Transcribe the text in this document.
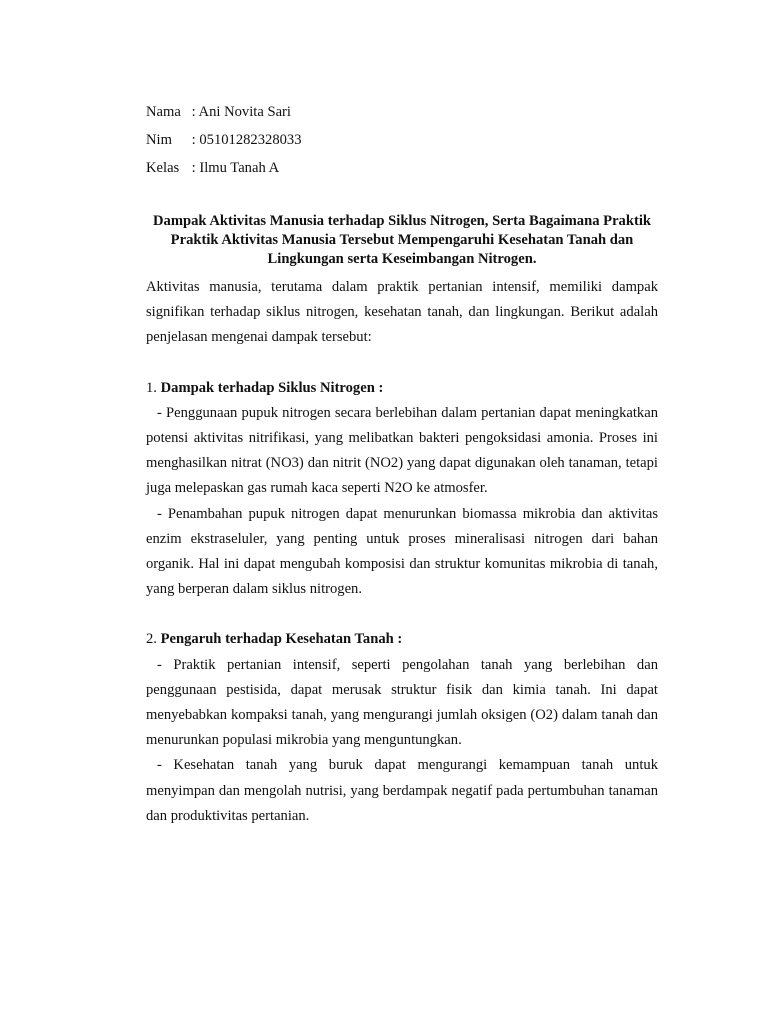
Nama : Ani Novita Sari
Nim : 05101282328033
Kelas : Ilmu Tanah A
Dampak Aktivitas Manusia terhadap Siklus Nitrogen, Serta Bagaimana Praktik Praktik Aktivitas Manusia Tersebut Mempengaruhi Kesehatan Tanah dan Lingkungan serta Keseimbangan Nitrogen.

Aktivitas manusia, terutama dalam praktik pertanian intensif, memiliki dampak signifikan terhadap siklus nitrogen, kesehatan tanah, dan lingkungan. Berikut adalah penjelasan mengenai dampak tersebut:

1. Dampak terhadap Siklus Nitrogen :

- Penggunaan pupuk nitrogen secara berlebihan dalam pertanian dapat meningkatkan potensi aktivitas nitrifikasi, yang melibatkan bakteri pengoksidasi amonia. Proses ini menghasilkan nitrat (NO3) dan nitrit (NO2) yang dapat digunakan oleh tanaman, tetapi juga melepaskan gas rumah kaca seperti N2O ke atmosfer.

- Penambahan pupuk nitrogen dapat menurunkan biomassa mikrobia dan aktivitas enzim ekstraseluler, yang penting untuk proses mineralisasi nitrogen dari bahan organik. Hal ini dapat mengubah komposisi dan struktur komunitas mikrobia di tanah, yang berperan dalam siklus nitrogen.

2. Pengaruh terhadap Kesehatan Tanah :

- Praktik pertanian intensif, seperti pengolahan tanah yang berlebihan dan penggunaan pestisida, dapat merusak struktur fisik dan kimia tanah. Ini dapat menyebabkan kompaksi tanah, yang mengurangi jumlah oksigen (O2) dalam tanah dan menurunkan populasi mikrobia yang menguntungkan.

- Kesehatan tanah yang buruk dapat mengurangi kemampuan tanah untuk menyimpan dan mengolah nutrisi, yang berdampak negatif pada pertumbuhan tanaman dan produktivitas pertanian.
